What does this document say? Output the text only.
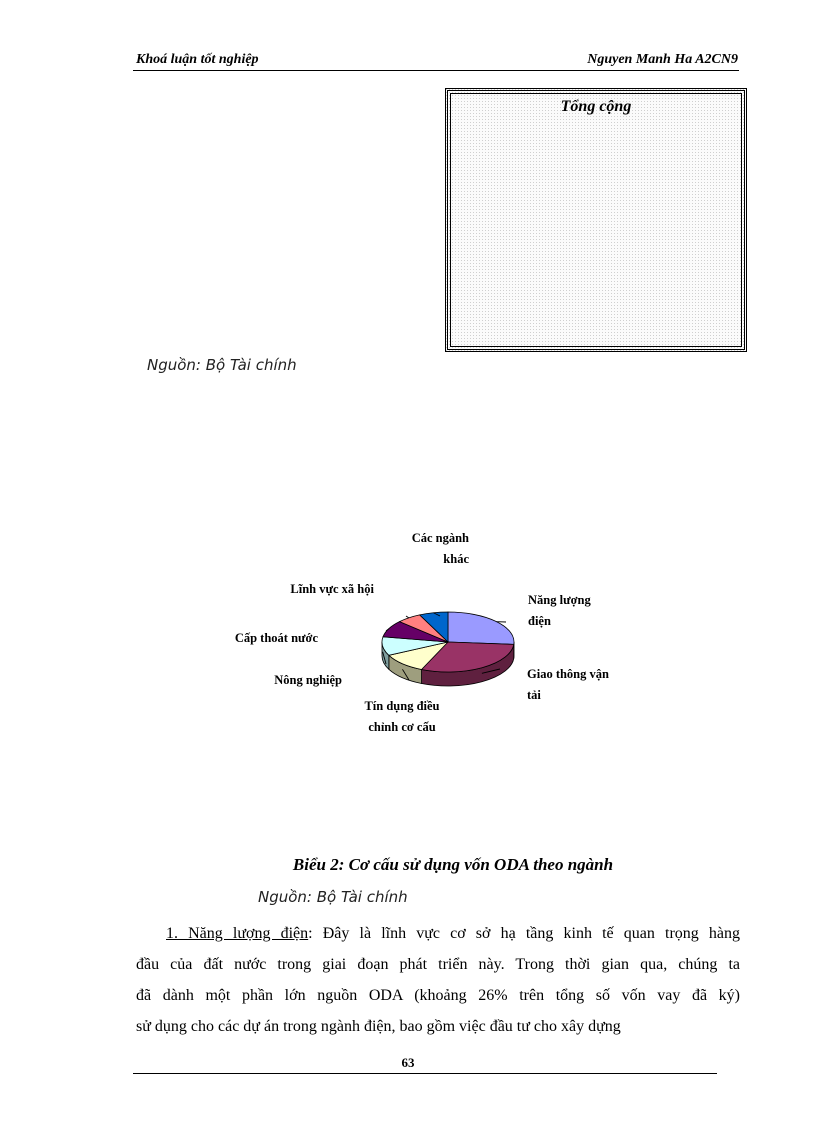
Khoá luận tốt nghiệp	Nguyen Manh Ha A2CN9
Tổng cộng
Nguồn: Bộ Tài chính
Năng lượng
điện
Giao thông vận
tải
Tín dụng điều
chỉnh cơ cấu
Nông nghiệp
Cấp thoát nước
Lĩnh vực xã hội
Các ngành
khác
Biểu 2: Cơ cấu sử dụng vốn ODA theo ngành
Nguồn: Bộ Tài chính
1. Năng lượng điện: Đây là lĩnh vực cơ sở hạ tầng kinh tế quan trọng hàng
đầu của đất nước trong giai đoạn phát triển này. Trong thời gian qua, chúng ta
đã dành một phần lớn nguồn ODA (khoảng 26% trên tổng số vốn vay đã ký)
sử dụng cho các dự án trong ngành điện, bao gồm việc đầu tư cho xây dựng
63
